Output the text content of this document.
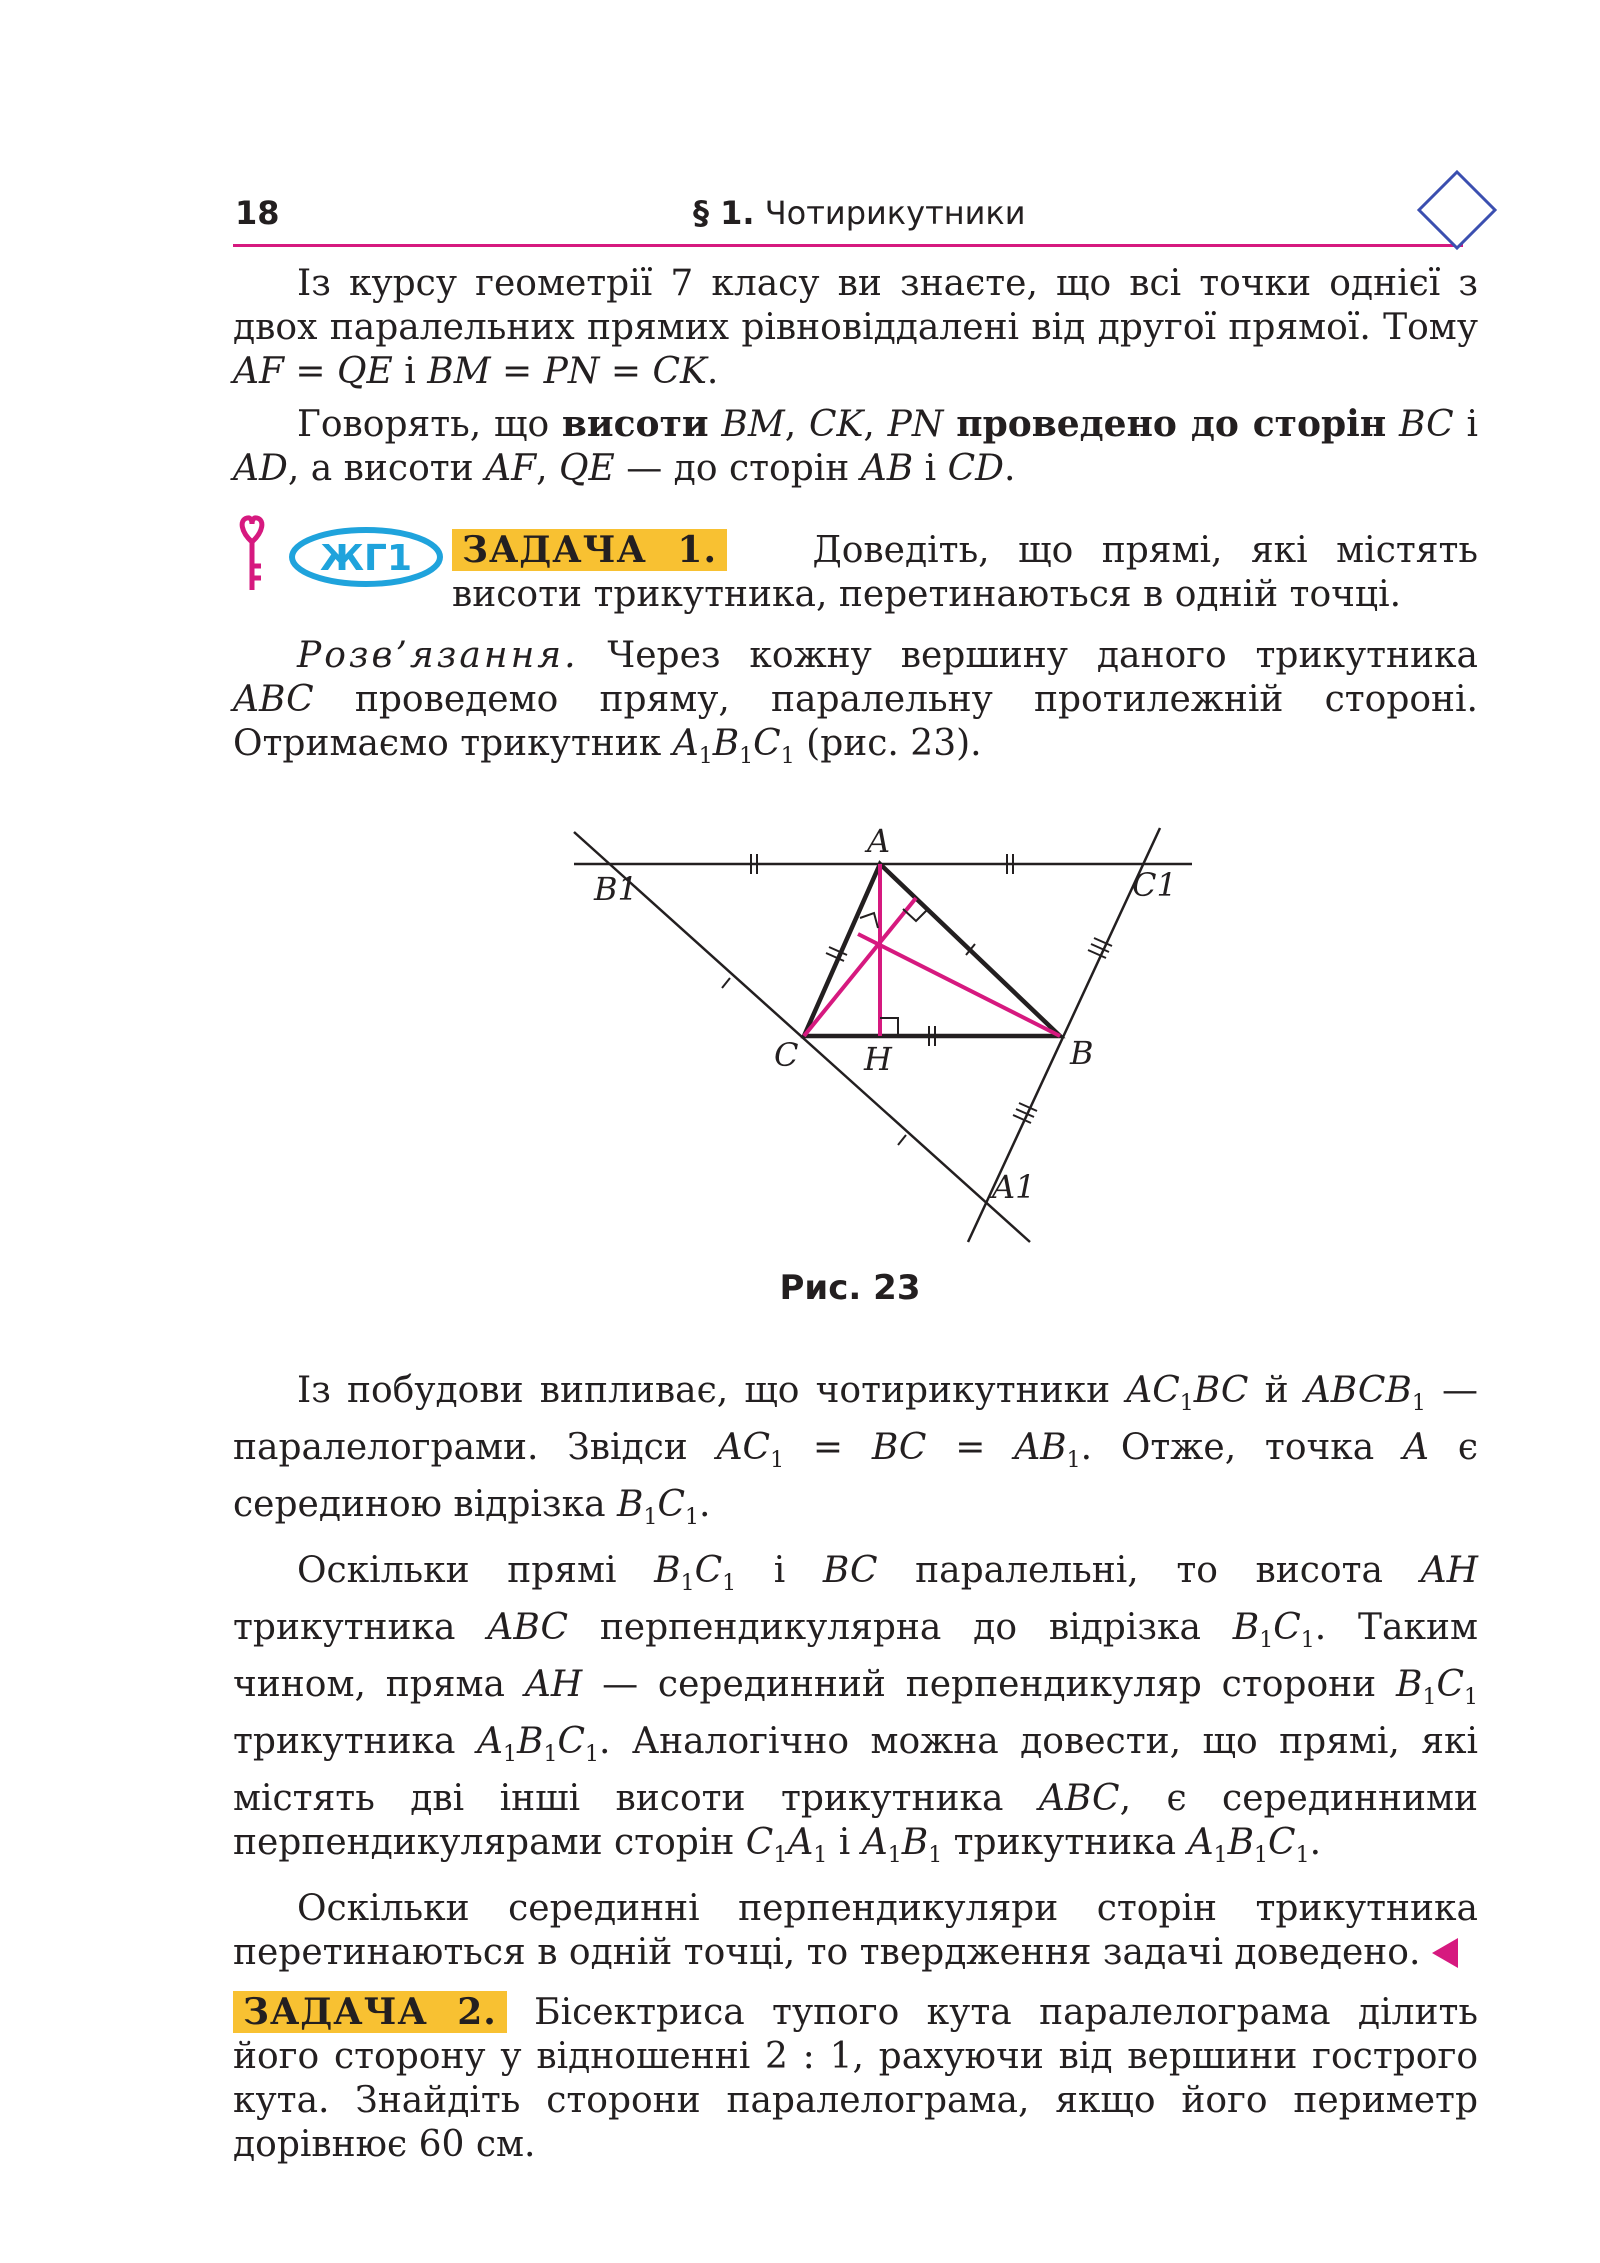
18	§ 1. Чотирикутники

Із курсу геометрії 7 класу ви знаєте, що всі точки однієї з двох паралельних прямих рівновіддалені від другої прямої. Тому AF = QE і BM = PN = CK.

Говорять, що висоти BM, CK, PN проведено до сторін BC і AD, а висоти AF, QE — до сторін AB і CD.

ЖГ1 ЗАДАЧА 1.	Доведіть, що прямі, які містять висоти трикутника, перетинаються в одній точці.

Розв’язання. Через кожну вершину даного трикутника ABC проведемо пряму, паралельну протилежній стороні. Отримаємо трикутник $A_1B_1C_1$ (рис. 23).

A
B
C H
B1	C1
A1
Рис. 23

Із побудови випливає, що чотирикутники $AC_1BC$ й $ABCB_1$ — паралелограми. Звідси $AC_1$ = BC = $AB_1$. Отже, точка A є серединою відрізка $B_1C_1$.

Оскільки прямі $B_1C_1$ і BC паралельні, то висота AH трикутника ABC перпендикулярна до відрізка $B_1C_1$. Таким чином, пряма AH — серединний перпендикуляр сторони $B_1C_1$ трикутника $A_1B_1C_1$. Аналогічно можна довести, що прямі, які містять дві інші висоти трикутника ABC, є серединними перпендикулярами сторін $C_1A_1$ і $A_1B_1$ трикутника $A_1B_1C_1$.

Оскільки серединні перпендикуляри сторін трикутника перетинаються в одній точці, то твердження задачі доведено.

ЗАДАЧА 2. Бісектриса тупого кута паралелограма ділить його сторону у відношенні 2 : 1, рахуючи від вершини гострого кута. Знайдіть сторони паралелограма, якщо його периметр дорівнює 60 см.
